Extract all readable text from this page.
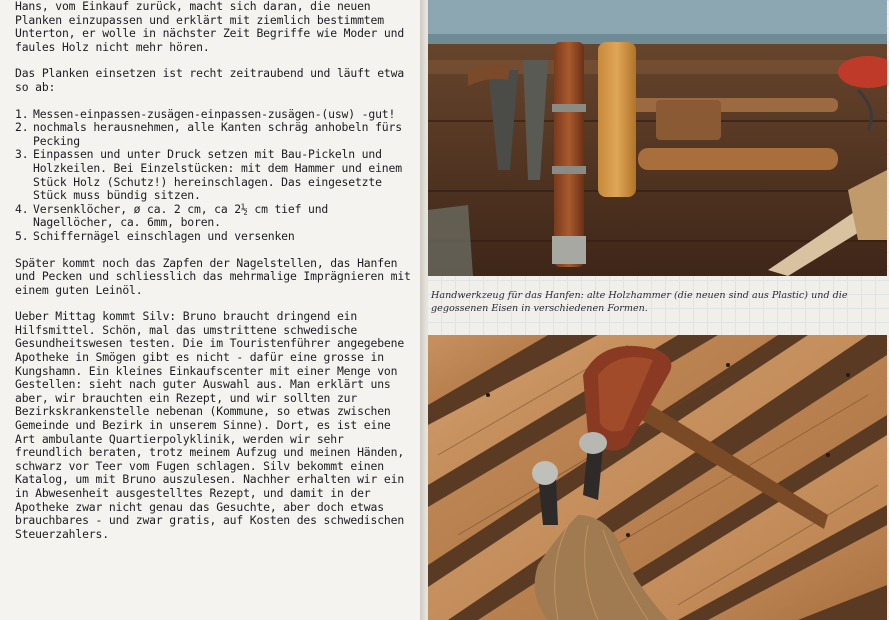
Hans, vom Einkauf zurück, macht sich daran, die neuen Planken einzupassen und erklärt mit ziemlich bestimmtem Unterton, er wolle in nächster Zeit Begriffe wie Moder und faules Holz nicht mehr hören.

Das Planken einsetzen ist recht zeitraubend und läuft etwa so ab:

1. Messen-einpassen-zusägen-einpassen-zusägen-(usw) -gut!
2. nochmals herausnehmen, alle Kanten schräg anhobeln fürs Pecking
3. Einpassen und unter Druck setzen mit Bau-Pickeln und Holzkeilen. Bei Einzelstücken: mit dem Hammer und einem Stück Holz (Schutz!) hereinschlagen. Das eingesetzte Stück muss bündig sitzen.
4. Versenklöcher, ø ca. 2 cm, ca 2½ cm tief und Nagellöcher, ca. 6mm, boren.
5. Schiffernägel einschlagen und versenken

Später kommt noch das Zapfen der Nagelstellen, das Hanfen und Pecken und schliesslich das mehrmalige Imprägnieren mit einem guten Leinöl.

Ueber Mittag kommt Silv: Bruno braucht dringend ein Hilfsmittel. Schön, mal das umstrittene schwedische Gesundheitswesen testen. Die im Touristenführer angegebene Apotheke in Smögen gibt es nicht - dafür eine grosse in Kungshamn. Ein kleines Einkaufscenter mit einer Menge von Gestellen: sieht nach guter Auswahl aus. Man erklärt uns aber, wir brauchten ein Rezept, und wir sollten zur Bezirkskrankenstelle nebenan (Kommune, so etwas zwischen Gemeinde und Bezirk in unserem Sinne). Dort, es ist eine Art ambulante Quartierpolyklinik, werden wir sehr freundlich beraten, trotz meinem Aufzug und meinen Händen, schwarz vor Teer vom Fugen schlagen. Silv bekommt einen Katalog, um mit Bruno auszulesen. Nachher erhalten wir ein in Abwesenheit ausgestelltes Rezept, und damit in der Apotheke zwar nicht genau das Gesuchte, aber doch etwas brauchbares - und zwar gratis, auf Kosten des schwedischen Steuerzahlers.

Handwerkzeug für das Hanfen: alte Holzhammer (die neuen sind aus Plastic) und die gegossenen Eisen in verschiedenen Formen.
